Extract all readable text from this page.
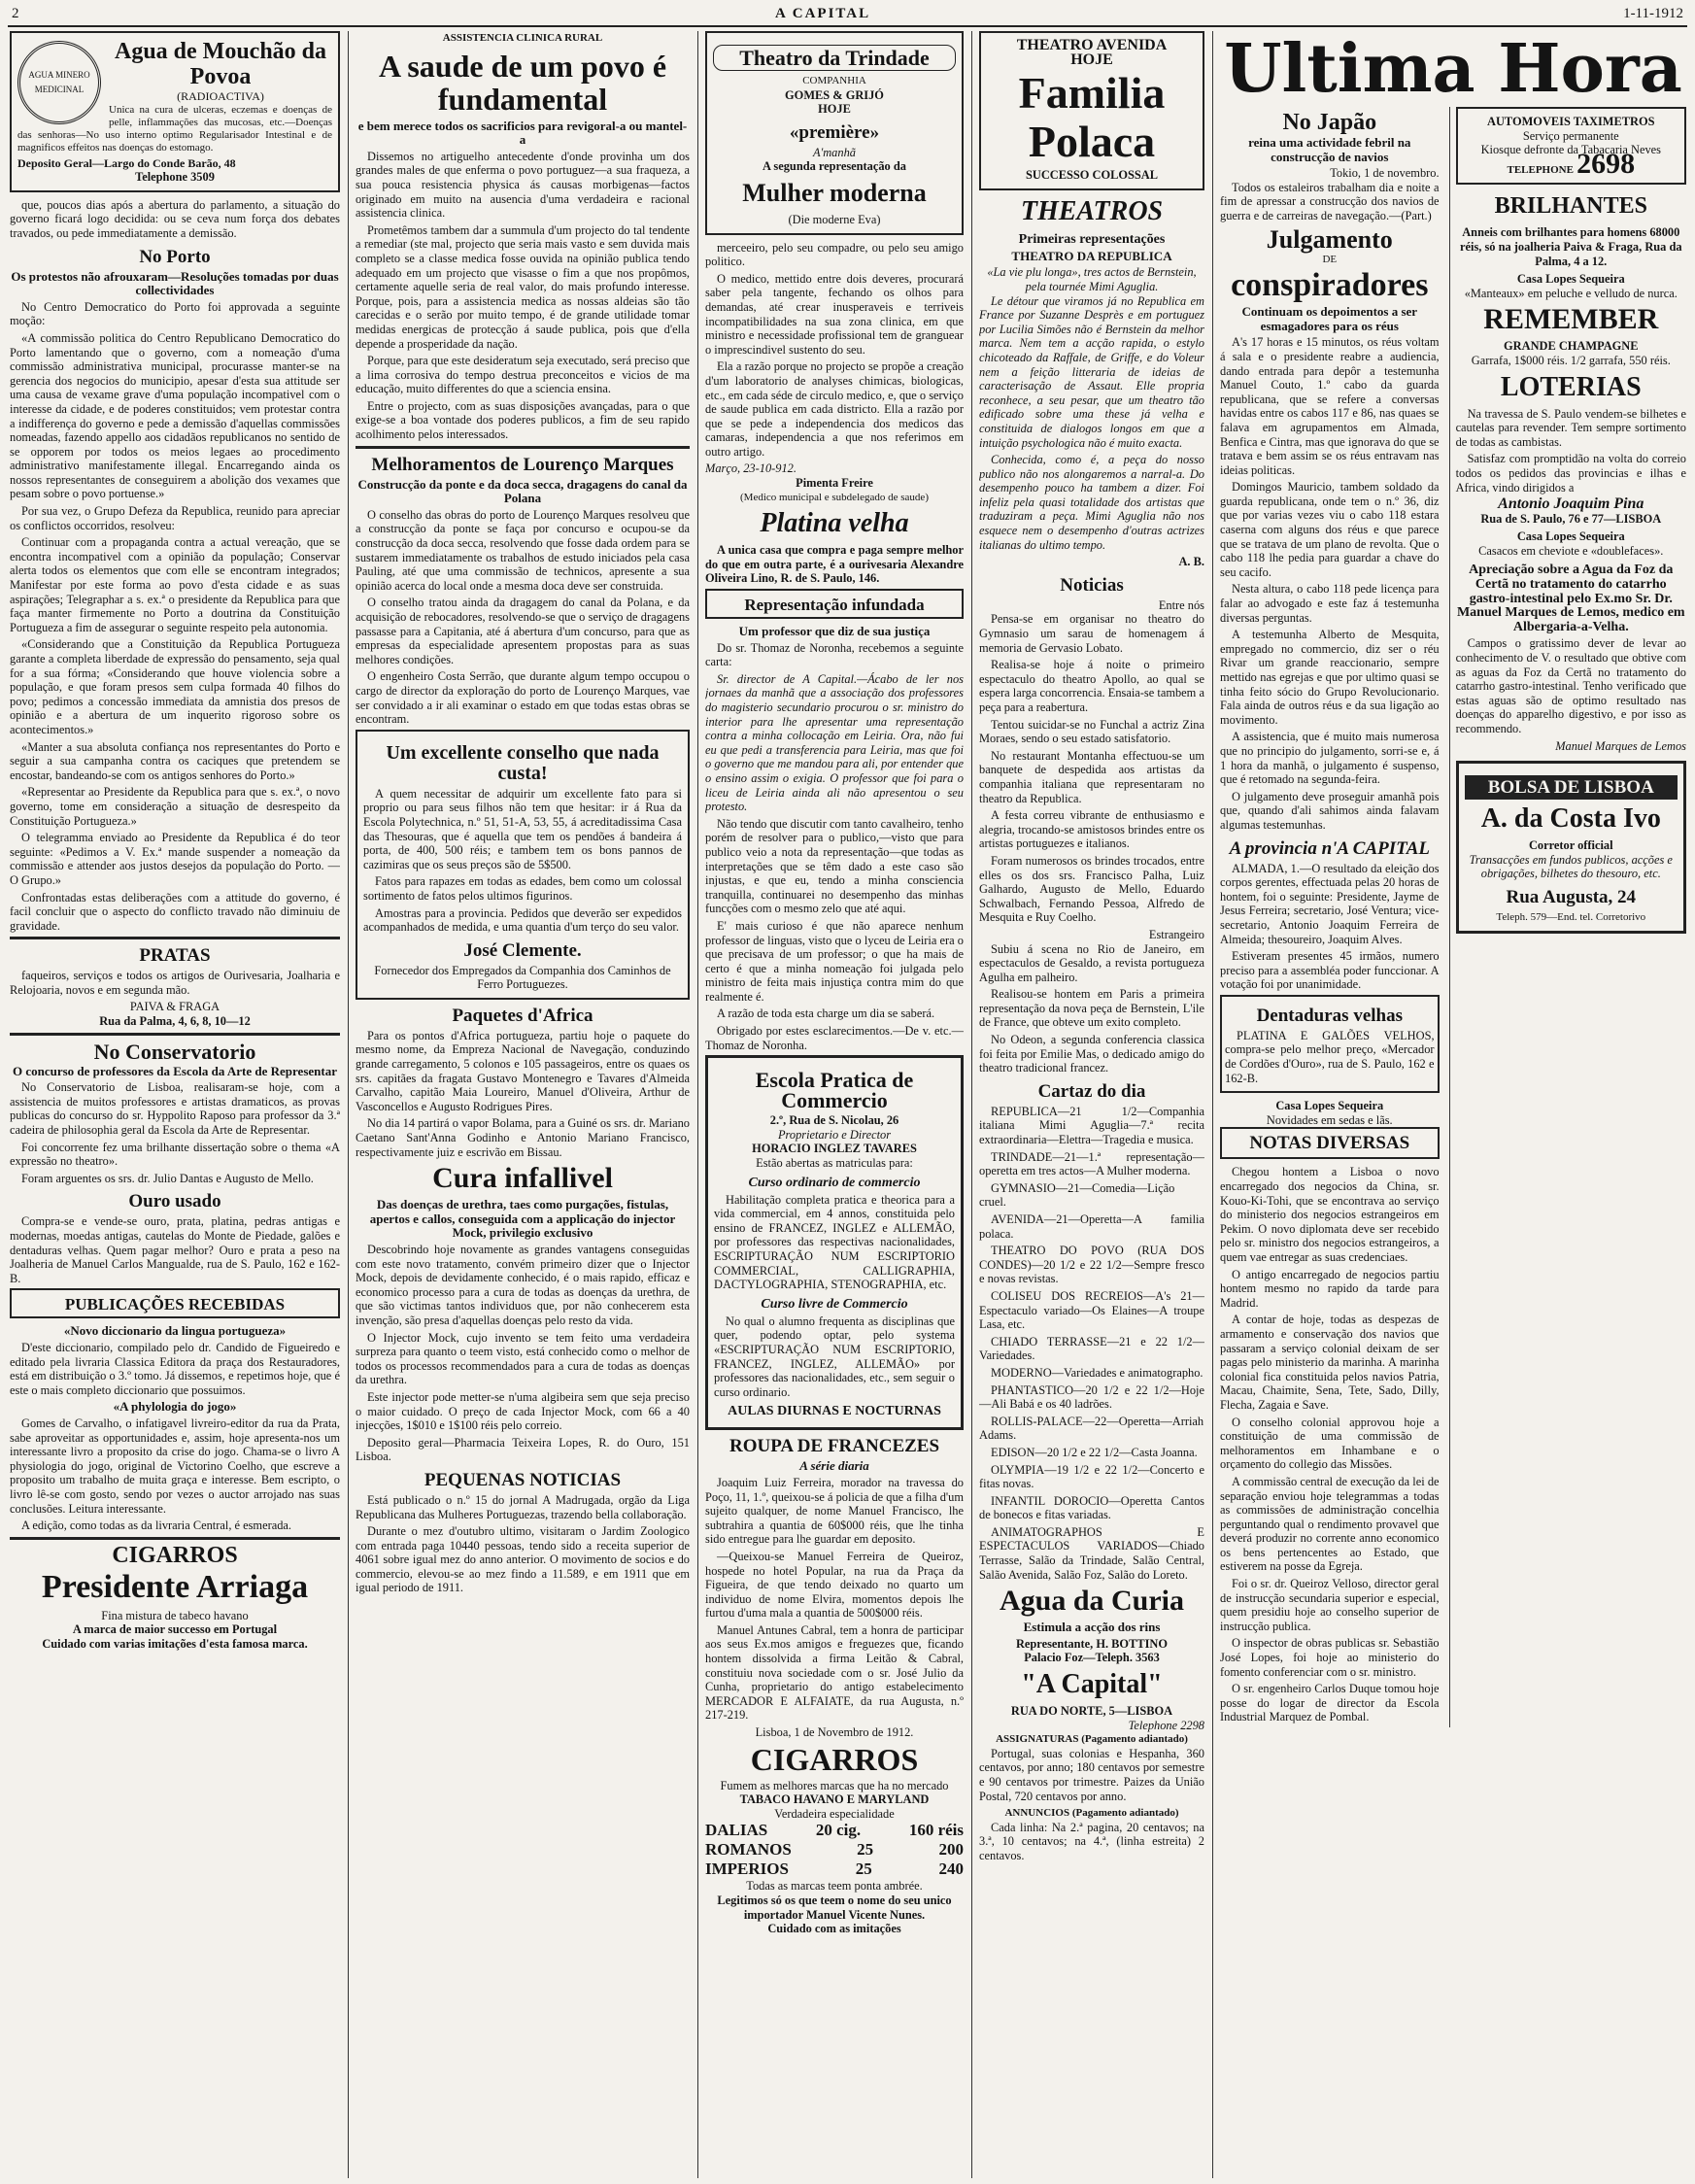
2	A CAPITAL	1-11-1912
AGUA MINERO MEDICINAL
Agua de Mouchão da Povoa
(RADIOACTIVA)
Unica na cura de ulceras, eczemas e doenças de pelle, inflammações das mucosas, etc.—Doenças das senhoras—No uso interno optimo Regularisador Intestinal e de magnificos effeitos nas doenças do estomago.
Deposito Geral—Largo do Conde Barão, 48
Telephone 3509

que, poucos dias após a abertura do parlamento, a situação do governo ficará logo decidida: ou se ceva num força dos debates travados, ou pede immediatamente a demissão.

No Porto
Os protestos não afrouxaram—Resoluções tomadas por duas collectividades

No Centro Democratico do Porto foi approvada a seguinte moção:

«A commissão politica do Centro Republicano Democratico do Porto lamentando que o governo, com a nomeação d'uma commissão administrativa municipal, procurasse manter-se na gerencia dos negocios do municipio, apesar d'esta sua attitude ser uma causa de vexame grave d'uma população incompativel com o interesse da cidade, e de poderes constituidos; vem protestar contra a indifferença do governo e pede a demissão d'aquellas commissões nomeadas, fazendo appello aos cidadãos republicanos no sentido de se opporem por todos os meios legaes ao procedimento administrativo manifestamente illegal. Encarregando ainda os nossos representantes de conseguirem a abolição dos vexames que pesam sobre o povo portuense.»

Por sua vez, o Grupo Defeza da Republica, reunido para apreciar os conflictos occorridos, resolveu:

Continuar com a propaganda contra a actual vereação, que se encontra incompativel com a opinião da população; Conservar alerta todos os elementos que com elle se encontram integrados; Manifestar por este forma ao povo d'esta cidade e as suas aspirações; Telegraphar a s. ex.ª o presidente da Republica para que faça manter firmemente no Porto a doutrina da Constituição Portugueza a fim de assegurar o seguinte respeito pela autonomia.

«Considerando que a Constituição da Republica Portugueza garante a completa liberdade de expressão do pensamento, seja qual for a sua fórma; «Considerando que houve violencia sobre a população, e que foram presos sem culpa formada 40 filhos do povo; pedimos a concessão immediata da amnistia dos presos de opinião e a abertura de um inquerito rigoroso sobre os acontecimentos.»

«Manter a sua absoluta confiança nos representantes do Porto e seguir a sua campanha contra os caciques que pretendem se encostar, bandeando-se com os antigos senhores do Porto.»

«Representar ao Presidente da Republica para que s. ex.ª, o novo governo, tome em consideração a situação de desrespeito da Constituição Portugueza.»

O telegramma enviado ao Presidente da Republica é do teor seguinte: «Pedimos a V. Ex.ª mande suspender a nomeação da commissão e attender aos justos desejos da população do Porto. — O Grupo.»

Confrontadas estas deliberações com a attitude do governo, é facil concluir que o aspecto do conflicto travado não diminuiu de gravidade.

PRATAS

faqueiros, serviços e todos os artigos de Ourivesaria, Joalharia e Relojoaria, novos e em segunda mão.

PAIVA & FRAGA
Rua da Palma, 4, 6, 8, 10—12
No Conservatorio
O concurso de professores da Escola da Arte de Representar

No Conservatorio de Lisboa, realisaram-se hoje, com a assistencia de muitos professores e artistas dramaticos, as provas publicas do concurso do sr. Hyppolito Raposo para professor da 3.ª cadeira de philosophia geral da Escola da Arte de Representar.

Foi concorrente fez uma brilhante dissertação sobre o thema «A expressão no theatro».

Foram arguentes os srs. dr. Julio Dantas e Augusto de Mello.

Ouro usado

Compra-se e vende-se ouro, prata, platina, pedras antigas e modernas, moedas antigas, cautelas do Monte de Piedade, galões e dentaduras velhas. Quem pagar melhor? Ouro e prata a peso na Joalheria de Manuel Carlos Mangualde, rua de S. Paulo, 162 e 162-B.

PUBLICAÇÕES RECEBIDAS
«Novo diccionario da lingua portugueza»

D'este diccionario, compilado pelo dr. Candido de Figueiredo e editado pela livraria Classica Editora da praça dos Restauradores, está em distribuição o 3.º tomo. Já dissemos, e repetimos hoje, que é este o mais completo diccionario que possuimos.

«A phylologia do jogo»

Gomes de Carvalho, o infatigavel livreiro-editor da rua da Prata, sabe aproveitar as opportunidades e, assim, hoje apresenta-nos um interessante livro a proposito da crise do jogo. Chama-se o livro A physiologia do jogo, original de Victorino Coelho, que escreve a proposito um trabalho de muita graça e interesse. Bem escripto, o livro lê-se com gosto, sendo por vezes o auctor arrojado nas suas conclusões. Leitura interessante.

A edição, como todas as da livraria Central, é esmerada.

CIGARROS
Presidente Arriaga
Fina mistura de tabeco havano
A marca de maior successo em Portugal
Cuidado com varias imitações d'esta famosa marca.
ASSISTENCIA CLINICA RURAL
A saude de um povo é fundamental
e bem merece todos os sacrificios para revigoral-a ou mantel-a

Dissemos no artiguelho antecedente d'onde provinha um dos grandes males de que enferma o povo portuguez—a sua fraqueza, a sua pouca resistencia physica ás causas morbigenas—factos originado em muito na ausencia d'uma verdadeira e racional assistencia clinica.

Prometêmos tambem dar a summula d'um projecto do tal tendente a remediar (ste mal, projecto que seria mais vasto e sem duvida mais completo se a classe medica fosse ouvida na opinião publica tendo adequado em um projecto que visasse o fim a que nos propômos, certamente aquelle seria de real valor, do mais profundo interesse. Porque, pois, para a assistencia medica as nossas aldeias são tão carecidas e o serão por muito tempo, é de grande utilidade tomar medidas energicas de protecção á saude publica, pois que d'ella depende a prosperidade da nação.

Porque, para que este desideratum seja executado, será preciso que a lima corrosiva do tempo destrua preconceitos e vicios de ma educação, muito differentes do que a sciencia ensina.

Entre o projecto, com as suas disposições avançadas, para o que exige-se a boa vontade dos poderes publicos, a fim de seu rapido acolhimento pelos interessados.

Melhoramentos de Lourenço Marques
Construcção da ponte e da doca secca, dragagens do canal da Polana

O conselho das obras do porto de Lourenço Marques resolveu que a construcção da ponte se faça por concurso e ocupou-se da construcção da doca secca, resolvendo que fosse dada ordem para se sustarem immediatamente os trabalhos de estudo iniciados pela casa Pauling, até que uma commissão de technicos, apresente a sua opinião acerca do local onde a mesma doca deve ser construida.

O conselho tratou ainda da dragagem do canal da Polana, e da acquisição de rebocadores, resolvendo-se que o serviço de dragagens passasse para a Capitania, até á abertura d'um concurso, para que as empresas da especialidade apresentem propostas para as suas melhores condições.

O engenheiro Costa Serrão, que durante algum tempo occupou o cargo de director da exploração do porto de Lourenço Marques, vae ser convidado a ir ali examinar o estado em que todas estas obras se encontram.

Um excellente conselho que nada custa!

A quem necessitar de adquirir um excellente fato para si proprio ou para seus filhos não tem que hesitar: ir á Rua da Escola Polytechnica, n.º 51, 51-A, 53, 55, á acreditadissima Casa das Thesouras, que é aquella que tem os pendões á bandeira á porta, de 400, 500 réis; e tambem tem os bons pannos de cazimiras que os seus preços são de 5$500.

Fatos para rapazes em todas as edades, bem como um colossal sortimento de fatos pelos ultimos figurinos.

Amostras para a provincia. Pedidos que deverão ser expedidos acompanhados de medida, e uma quantia d'um terço do seu valor.

José Clemente.
Fornecedor dos Empregados da Companhia dos Caminhos de Ferro Portuguezes.
Paquetes d'Africa

Para os pontos d'Africa portugueza, partiu hoje o paquete do mesmo nome, da Empreza Nacional de Navegação, conduzindo grande carregamento, 5 colonos e 105 passageiros, entre os quaes os srs. capitães da fragata Gustavo Montenegro e Tavares d'Almeida Carvalho, capitão Maia Loureiro, Manuel d'Oliveira, Arthur de Vasconcellos e Augusto Rodrigues Pires.

No dia 14 partirá o vapor Bolama, para a Guiné os srs. dr. Mariano Caetano Sant'Anna Godinho e Antonio Mariano Francisco, respectivamente juiz e escrivão em Bissau.

Cura infallivel
Das doenças de urethra, taes como purgações, fistulas, apertos e callos, conseguida com a applicação do injector Mock, privilegio exclusivo

Descobrindo hoje novamente as grandes vantagens conseguidas com este novo tratamento, convém primeiro dizer que o Injector Mock, depois de devidamente conhecido, é o mais rapido, efficaz e economico processo para a cura de todas as doenças da urethra, de que são victimas tantos individuos que, por não conhecerem esta invenção, são presa d'aquellas doenças pelo resto da vida.

O Injector Mock, cujo invento se tem feito uma verdadeira surpreza para quanto o teem visto, está conhecido como o melhor de todos os processos recommendados para a cura de todas as doenças da urethra.

Este injector pode metter-se n'uma algibeira sem que seja preciso o maior cuidado. O preço de cada Injector Mock, com 66 a 40 injecções, 1$010 e 1$100 réis pelo correio.

Deposito geral—Pharmacia Teixeira Lopes, R. do Ouro, 151 Lisboa.

PEQUENAS NOTICIAS

Está publicado o n.º 15 do jornal A Madrugada, orgão da Liga Republicana das Mulheres Portuguezas, trazendo bella collaboração.

Durante o mez d'outubro ultimo, visitaram o Jardim Zoologico com entrada paga 10440 pessoas, tendo sido a receita superior de 4061 sobre igual mez do anno anterior. O movimento de socios e do commercio, elevou-se ao mez findo a 11.589, e em 1911 que em igual periodo de 1911.

Theatro da Trindade
COMPANHIA
GOMES & GRIJÓ
HOJE
«première»
A'manhã
A segunda representação da
Mulher moderna
(Die moderne Eva)

merceeiro, pelo seu compadre, ou pelo seu amigo politico.

O medico, mettido entre dois deveres, procurará saber pela tangente, fechando os olhos para demandas, até crear inusperaveis e terriveis incompatibilidades na sua zona clinica, em que ministro e necessidade profissional tem de granguear o imprescindivel sustento do seu.

Ela a razão porque no projecto se propõe a creação d'um laboratorio de analyses chimicas, biologicas, etc., em cada séde de circulo medico, e, que o serviço de saude publica em cada districto. Ella a razão por que se pede a independencia dos medicos das camaras, independencia a que nos referimos em outro artigo.

Março, 23-10-912.
Pimenta Freire
(Medico municipal e subdelegado de saude)
Platina velha

A unica casa que compra e paga sempre melhor do que em outra parte, é a ourivesaria Alexandre Oliveira Lino, R. de S. Paulo, 146.

Representação infundada
Um professor que diz de sua justiça

Do sr. Thomaz de Noronha, recebemos a seguinte carta:

Sr. director de A Capital.—Ácabo de ler nos jornaes da manhã que a associação dos professores do magisterio secundario procurou o sr. ministro do interior para lhe apresentar uma representação contra a minha collocação em Leiria. Ora, não fui eu que pedi a transferencia para Leiria, mas que foi o governo que me mandou para ali, por entender que o ensino assim o exigia. O professor que foi para o liceu de Leiria ainda ali não apresentou o seu protesto.

Não tendo que discutir com tanto cavalheiro, tenho porém de resolver para o publico,—visto que para publico veio a nota da representação—que todas as interpretações que se têm dado a este caso são injustas, e que eu, tendo a minha consciencia tranquilla, continuarei no desempenho das minhas funcções com o mesmo zelo que até aqui.

E' mais curioso é que não aparece nenhum professor de linguas, visto que o lyceu de Leiria era o que precisava de um professor; o que ha mais de certo é que a minha nomeação foi julgada pelo ministro de feita mais injustiça contra mim do que realmente é.

A razão de toda esta charge um dia se saberá.

Obrigado por estes esclarecimentos.—De v. etc.—Thomaz de Noronha.

Escola Pratica de Commercio
2.º, Rua de S. Nicolau, 26
Proprietario e Director
HORACIO INGLEZ TAVARES
Estão abertas as matriculas para:
Curso ordinario de commercio

Habilitação completa pratica e theorica para a vida commercial, em 4 annos, constituida pelo ensino de FRANCEZ, INGLEZ e ALLEMÃO, por professores das respectivas nacionalidades, ESCRIPTURAÇÃO NUM ESCRIPTORIO COMMERCIAL, CALLIGRAPHIA, DACTYLOGRAPHIA, STENOGRAPHIA, etc.

Curso livre de Commercio

No qual o alumno frequenta as disciplinas que quer, podendo optar, pelo systema «ESCRIPTURAÇÃO NUM ESCRIPTORIO, FRANCEZ, INGLEZ, ALLEMÃO» por professores das nacionalidades, etc., sem seguir o curso ordinario.

AULAS DIURNAS E NOCTURNAS
ROUPA DE FRANCEZES
A série diaria

Joaquim Luiz Ferreira, morador na travessa do Poço, 11, 1.º, queixou-se á policia de que a filha d'um sujeito qualquer, de nome Manuel Francisco, lhe subtrahira a quantia de 60$000 réis, que lhe tinha sido entregue para lhe guardar em deposito.

—Queixou-se Manuel Ferreira de Queiroz, hospede no hotel Popular, na rua da Praça da Figueira, de que tendo deixado no quarto um individuo de nome Elvira, momentos depois lhe furtou d'uma mala a quantia de 500$000 réis.

Manuel Antunes Cabral, tem a honra de participar aos seus Ex.mos amigos e freguezes que, ficando hontem dissolvida a firma Leitão & Cabral, constituiu nova sociedade com o sr. José Julio da Cunha, proprietario do antigo estabelecimento MERCADOR E ALFAIATE, da rua Augusta, n.º 217-219.

Lisboa, 1 de Novembro de 1912.
CIGARROS
Fumem as melhores marcas que ha no mercado
TABACO HAVANO E MARYLAND
Verdadeira especialidade
DALIAS	20 cig.	160 réis
ROMANOS	25	200
IMPERIOS	25	240
Todas as marcas teem ponta ambrée.
Legitimos só os que teem o nome do seu unico importador Manuel Vicente Nunes.
Cuidado com as imitações
THEATRO AVENIDA
HOJE
Familia
Polaca
SUCCESSO COLOSSAL
THEATROS
Primeiras representações
THEATRO DA REPUBLICA
«La vie plu longa», tres actos de Bernstein, pela tournée Mimi Aguglia.

Le détour que viramos já no Republica em France por Suzanne Desprès e em portuguez por Lucilia Simões não é Bernstein da melhor marca. Nem tem a acção rapida, o estylo chicoteado da Raffale, de Griffe, e do Voleur nem a feição litteraria de ideias de caracterisação de Assaut. Elle propria reconhece, a seu pesar, que um theatro tão edificado sobre uma these já velha e constituida de dialogos longos em que a intuição psychologica não é muito exacta.

Conhecida, como é, a peça do nosso publico não nos alongaremos a narral-a. Do desempenho pouco ha tambem a dizer. Foi infeliz pela quasi totalidade dos artistas que traduziram a peça. Mimi Aguglia não nos esquece nem o desempenho d'outras actrizes italianas do ultimo tempo.

A. B.
Noticias
Entre nós

Pensa-se em organisar no theatro do Gymnasio um sarau de homenagem á memoria de Gervasio Lobato.

Realisa-se hoje á noite o primeiro espectaculo do theatro Apollo, ao qual se espera larga concorrencia. Ensaia-se tambem a peça para a reabertura.

Tentou suicidar-se no Funchal a actriz Zina Moraes, sendo o seu estado satisfatorio.

No restaurant Montanha effectuou-se um banquete de despedida aos artistas da companhia italiana que representaram no theatro da Republica.

A festa correu vibrante de enthusiasmo e alegria, trocando-se amistosos brindes entre os artistas portuguezes e italianos.

Foram numerosos os brindes trocados, entre elles os dos srs. Francisco Palha, Luiz Galhardo, Augusto de Mello, Eduardo Schwalbach, Fernando Pessoa, Alfredo de Mesquita e Ruy Coelho.

Estrangeiro

Subiu á scena no Rio de Janeiro, em espectaculos de Gesaldo, a revista portugueza Agulha em palheiro.

Realisou-se hontem em Paris a primeira representação da nova peça de Bernstein, L'ile de France, que obteve um exito completo.

No Odeon, a segunda conferencia classica foi feita por Emilie Mas, o dedicado amigo do theatro tradicional francez.

Cartaz do dia

REPUBLICA—21 1/2—Companhia italiana Mimi Aguglia—7.ª recita extraordinaria—Elettra—Tragedia e musica.

TRINDADE—21—1.ª representação—operetta em tres actos—A Mulher moderna.

GYMNASIO—21—Comedia—Lição cruel.

AVENIDA—21—Operetta—A familia polaca.

THEATRO DO POVO (RUA DOS CONDES)—20 1/2 e 22 1/2—Sempre fresco e novas revistas.

COLISEU DOS RECREIOS—A's 21—Espectaculo variado—Os Elaines—A troupe Lasa, etc.

CHIADO TERRASSE—21 e 22 1/2—Variedades.

MODERNO—Variedades e animatographo.

PHANTASTICO—20 1/2 e 22 1/2—Hoje—Ali Babá e os 40 ladrões.

ROLLIS-PALACE—22—Operetta—Arriah Adams.

EDISON—20 1/2 e 22 1/2—Casta Joanna.

OLYMPIA—19 1/2 e 22 1/2—Concerto e fitas novas.

INFANTIL DOROCIO—Operetta Cantos de bonecos e fitas variadas.

ANIMATOGRAPHOS E ESPECTACULOS VARIADOS—Chiado Terrasse, Salão da Trindade, Salão Central, Salão Avenida, Salão Foz, Salão do Loreto.

Agua da Curia
Estimula a acção dos rins
Representante, H. BOTTINO
Palacio Foz—Teleph. 3563
"A Capital"
RUA DO NORTE, 5—LISBOA
Telephone 2298
ASSIGNATURAS (Pagamento adiantado)

Portugal, suas colonias e Hespanha, 360 centavos, por anno; 180 centavos por semestre e 90 centavos por trimestre. Paizes da União Postal, 720 centavos por anno.

ANNUNCIOS (Pagamento adiantado)

Cada linha: Na 2.ª pagina, 20 centavos; na 3.ª, 10 centavos; na 4.ª, (linha estreita) 2 centavos.

Ultima Hora
No Japão
reina uma actividade febril na construcção de navios
Tokio, 1 de novembro.

Todos os estaleiros trabalham dia e noite a fim de apressar a construcção dos navios de guerra e de carreiras de navegação.—(Part.)

Julgamento
DE
conspiradores
Continuam os depoimentos a ser esmagadores para os réus

A's 17 horas e 15 minutos, os réus voltam á sala e o presidente reabre a audiencia, dando entrada para depôr a testemunha Manuel Couto, 1.º cabo da guarda republicana, que se refere a conversas havidas entre os cabos 117 e 86, nas quaes se falava em agrupamentos em Almada, Benfica e Cintra, mas que ignorava do que se tratava e bem assim se os réus entravam nas ideias politicas.

Domingos Mauricio, tambem soldado da guarda republicana, onde tem o n.º 36, diz que por varias vezes viu o cabo 118 estara caserna com alguns dos réus e que parece que se tratava de um plano de revolta. Que o cabo 118 lhe pedia para guardar a chave do seu cacifo.

Nesta altura, o cabo 118 pede licença para falar ao advogado e este faz á testemunha diversas perguntas.

A testemunha Alberto de Mesquita, empregado no commercio, diz ser o réu Rivar um grande reaccionario, sempre mettido nas egrejas e que por ultimo quasi se tinha feito sócio do Grupo Revolucionario. Fala ainda de outros réus e da sua ligação ao movimento.

A assistencia, que é muito mais numerosa que no principio do julgamento, sorri-se e, á 1 hora da manhã, o julgamento é suspenso, que é retomado na segunda-feira.

O julgamento deve proseguir amanhã pois que, quando d'ali sahimos ainda falavam algumas testemunhas.

A provincia n'A CAPITAL

ALMADA, 1.—O resultado da eleição dos corpos gerentes, effectuada pelas 20 horas de hontem, foi o seguinte: Presidente, Jayme de Jesus Ferreira; secretario, José Ventura; vice-secretario, Antonio Joaquim Ferreira de Almeida; thesoureiro, Joaquim Alves.

Estiveram presentes 45 irmãos, numero preciso para a assembléa poder funccionar. A votação foi por unanimidade.

Dentaduras velhas

PLATINA E GALÕES VELHOS, compra-se pelo melhor preço, «Mercador de Cordões d'Ouro», rua de S. Paulo, 162 e 162-B.

Casa Lopes Sequeira
Novidades em sedas e lãs.
NOTAS DIVERSAS

Chegou hontem a Lisboa o novo encarregado dos negocios da China, sr. Kouo-Ki-Tohi, que se encontrava ao serviço do ministerio dos negocios estrangeiros em Pekim. O novo diplomata deve ser recebido pelo sr. ministro dos negocios estrangeiros, a quem vae entregar as suas credenciaes.

O antigo encarregado de negocios partiu hontem mesmo no rapido da tarde para Madrid.

A contar de hoje, todas as despezas de armamento e conservação dos navios que passaram a serviço colonial deixam de ser pagas pelo ministerio da marinha. A marinha colonial fica constituida pelos navios Patria, Macau, Chaimite, Sena, Tete, Sado, Dilly, Flecha, Zagaia e Save.

O conselho colonial approvou hoje a constituição de uma commissão de melhoramentos em Inhambane e o orçamento do collegio das Missões.

A commissão central de execução da lei de separação enviou hoje telegrammas a todas as commissões de administração concelhia perguntando qual o rendimento provavel que deverá produzir no corrente anno economico os bens pertencentes ao Estado, que estiverem na posse da Egreja.

Foi o sr. dr. Queiroz Velloso, director geral de instrucção secundaria superior e especial, quem presidiu hoje ao conselho superior de instrucção publica.

O inspector de obras publicas sr. Sebastião José Lopes, foi hoje ao ministerio do fomento conferenciar com o sr. ministro.

O sr. engenheiro Carlos Duque tomou hoje posse do logar de director da Escola Industrial Marquez de Pombal.

AUTOMOVEIS TAXIMETROS
Serviço permanente
Kiosque defronte da Tabacaria Neves
TELEPHONE 2698
BRILHANTES
Anneis com brilhantes para homens 68000 réis, só na joalheria Paiva & Fraga, Rua da Palma, 4 a 12.
Casa Lopes Sequeira
«Manteaux» em peluche e velludo de nurca.
REMEMBER
GRANDE CHAMPAGNE
Garrafa, 1$000 réis. 1/2 garrafa, 550 réis.
LOTERIAS

Na travessa de S. Paulo vendem-se bilhetes e cautelas para revender. Tem sempre sortimento de todas as cambistas.

Satisfaz com promptidão na volta do correio todos os pedidos das provincias e ilhas e Africa, vindo dirigidos a

Antonio Joaquim Pina
Rua de S. Paulo, 76 e 77—LISBOA
Casa Lopes Sequeira
Casacos em cheviote e «doublefaces».
Apreciação sobre a Agua da Foz da Certã no tratamento do catarrho gastro-intestinal pelo Ex.mo Sr. Dr. Manuel Marques de Lemos, medico em Albergaria-a-Velha.

Campos o gratissimo dever de levar ao conhecimento de V. o resultado que obtive com as aguas da Foz da Certã no tratamento do catarrho gastro-intestinal. Tenho verificado que estas aguas são de optimo resultado nas doenças do apparelho digestivo, e por isso as recommendo.

Manuel Marques de Lemos
BOLSA DE LISBOA
A. da Costa Ivo
Corretor official
Transacções em fundos publicos, acções e obrigações, bilhetes do thesouro, etc.
Rua Augusta, 24
Teleph. 579—End. tel. Corretorivo
